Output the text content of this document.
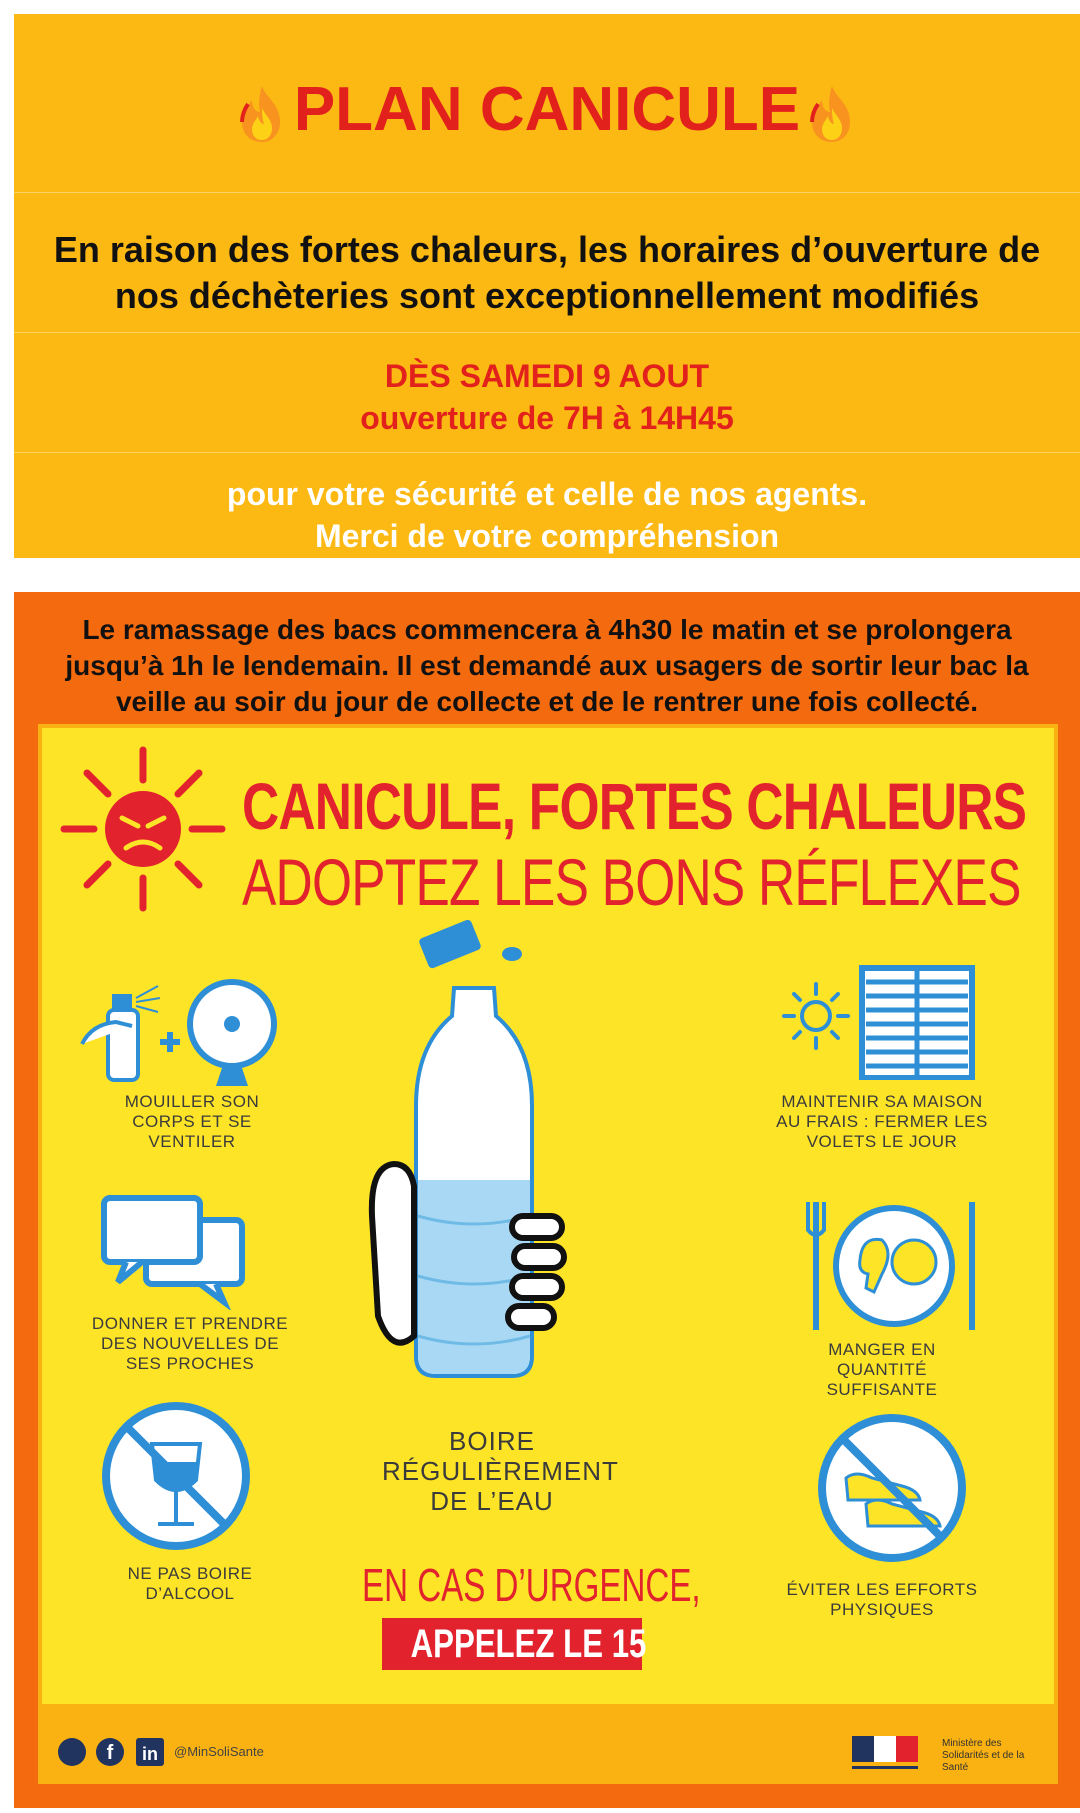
PLAN CANICULE
En raison des fortes chaleurs, les horaires d’ouverture de nos déchèteries sont exceptionnellement modifiés
DÈS SAMEDI 9 AOUT
ouverture de 7H à 14H45
pour votre sécurité et celle de nos agents.
Merci de votre compréhension
Le ramassage des bacs commencera à 4h30 le matin et se prolongera jusqu’à 1h le lendemain. Il est demandé aux usagers de sortir leur bac la veille au soir du jour de collecte et de le rentrer une fois collecté.
CANICULE, FORTES CHALEURS
ADOPTEZ LES BONS RÉFLEXES
MOUILLER SON CORPS ET SE VENTILER
DONNER ET PRENDRE DES NOUVELLES DE SES PROCHES
NE PAS BOIRE D’ALCOOL
BOIRE RÉGULIÈREMENT DE L’EAU
EN CAS D’URGENCE,
APPELEZ LE 15
MAINTENIR SA MAISON AU FRAIS : FERMER LES VOLETS LE JOUR
MANGER EN QUANTITÉ SUFFISANTE
ÉVITER LES EFFORTS PHYSIQUES
f in @MinSoliSante
Ministère des Solidarités et de la Santé
